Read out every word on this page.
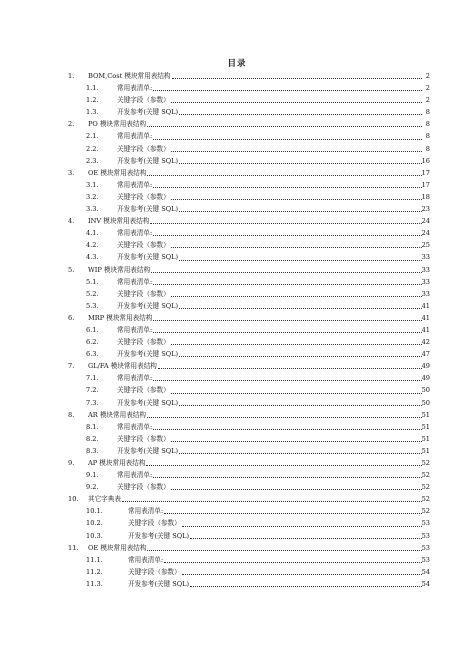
目录
1. BOM,Cost 模块常用表结构	2
1.1.	常用表清单:	2
1.2.	关键字段（参数）	2
1.3.	开发参考(关键 SQL)	8
2. PO 模块常用表结构	8
2.1.	常用表清单:	8
2.2.	关键字段（参数）	8
2.3.	开发参考(关键 SQL)	16
3. OE 模块常用表结构	17
3.1.	常用表清单:	17
3.2.	关键字段（参数）	18
3.3.	开发参考(关键 SQL)	23
4. INV 模块常用表结构	24
4.1.	常用表清单:	24
4.2.	关键字段（参数）	25
4.3.	开发参考(关键 SQL)	33
5. WIP 模块常用表结构	33
5.1.	常用表清单:	33
5.2.	关键字段（参数）	33
5.3.	开发参考(关键 SQL)	41
6. MRP 模块常用表结构	41
6.1.	常用表清单:	41
6.2.	关键字段（参数）	42
6.3.	开发参考(关键 SQL)	47
7. GL/FA 模块常用表结构	49
7.1.	常用表清单:	49
7.2.	关键字段（参数）	50
7.3.	开发参考(关键 SQL)	50
8. AR 模块常用表结构	51
8.1.	常用表清单:	51
8.2.	关键字段（参数）	51
8.3.	开发参考(关键 SQL)	51
9. AP 模块常用表结构	52
9.1.	常用表清单:	52
9.2.	关键字段（参数）	52
10. 其它字典表	52
10.1.	常用表清单:	52
10.2.	关键字段（参数）	53
10.3.	开发参考(关键 SQL)	53
11. OE 模块常用表结构	53
11.1.	常用表清单:	53
11.2.	关键字段（参数）	54
11.3.	开发参考(关键 SQL)	54
